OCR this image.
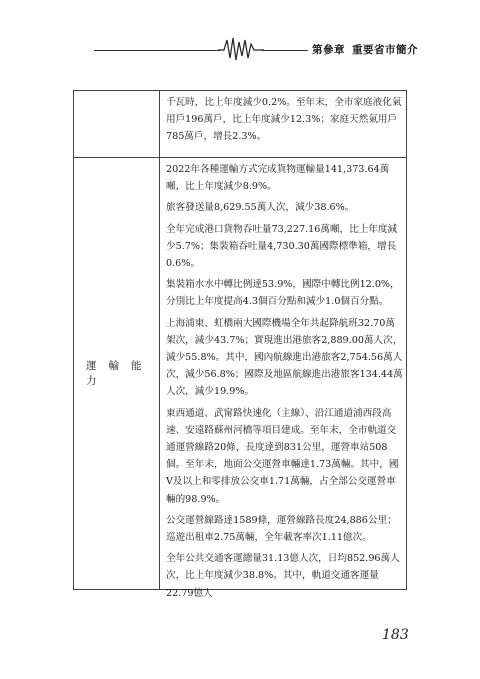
第參章 重要省市簡介

千瓦時，比上年度減少0.2%。至年末，全市家庭液化氣用戶196萬戶，比上年度減少12.3%；家庭天然氣用戶785萬戶，增長2.3%。

運輸能力

2022年各種運輸方式完成貨物運輸量141,373.64萬噸，比上年度減少8.9%。

旅客發送量8,629.55萬人次，減少38.6%。

全年完成港口貨物吞吐量73,227.16萬噸，比上年度減少5.7%；集裝箱吞吐量4,730.30萬國際標準箱，增長0.6%。

集裝箱水水中轉比例達53.9%，國際中轉比例12.0%，分別比上年度提高4.3個百分點和減少1.0個百分點。

上海浦東、虹橋兩大國際機場全年共起降航班32.70萬架次，減少43.7%；實現進出港旅客2,889.00萬人次，減少55.8%。其中，國內航線進出港旅客2,754.56萬人次，減少56.8%；國際及地區航線進出港旅客134.44萬人次，減少19.9%。

東西通道、武甯路快速化（主線）、沿江通道浦西段高速、安遠路蘇州河橋等項目建成。至年末，全市軌道交通運營線路20條，長度達到831公里，運營車站508個。至年末，地面公交運營車輛達1.73萬輛。其中，國V及以上和零排放公交車1.71萬輛，占全部公交運營車輛的98.9%。

公交運營線路達1589條，運營線路長度24,886公里；巡遊出租車2.75萬輛，全年載客率次1.11億次。

全年公共交通客運總量31.13億人次，日均852.96萬人次，比上年度減少38.8%。其中，軌道交通客運量22.79億人

183
